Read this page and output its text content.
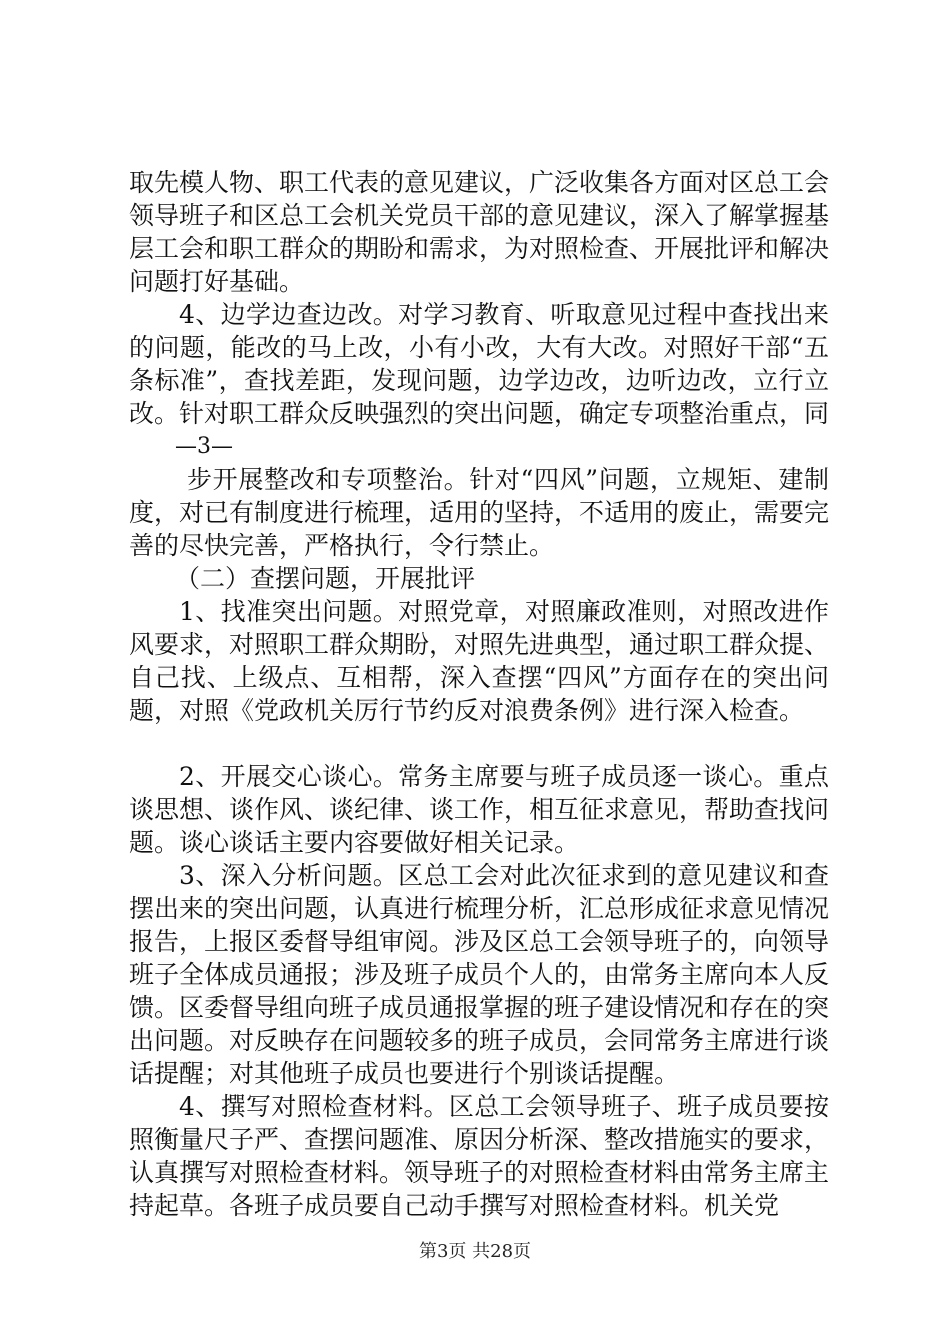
取先模人物、职工代表的意见建议，广泛收集各方面对区总工会领导班子和区总工会机关党员干部的意见建议，深入了解掌握基层工会和职工群众的期盼和需求，为对照检查、开展批评和解决问题打好基础。

4、边学边查边改。对学习教育、听取意见过程中查找出来的问题，能改的马上改，小有小改，大有大改。对照好干部“五条标准”，查找差距，发现问题，边学边改，边听边改，立行立改。针对职工群众反映强烈的突出问题，确定专项整治重点，同

—3—

步开展整改和专项整治。针对“四风”问题，立规矩、建制度，对已有制度进行梳理，适用的坚持，不适用的废止，需要完善的尽快完善，严格执行，令行禁止。

（二）查摆问题，开展批评

1、找准突出问题。对照党章，对照廉政准则，对照改进作风要求，对照职工群众期盼，对照先进典型，通过职工群众提、自己找、上级点、互相帮，深入查摆“四风”方面存在的突出问题，对照《党政机关厉行节约反对浪费条例》进行深入检查。

2、开展交心谈心。常务主席要与班子成员逐一谈心。重点谈思想、谈作风、谈纪律、谈工作，相互征求意见，帮助查找问题。谈心谈话主要内容要做好相关记录。

3、深入分析问题。区总工会对此次征求到的意见建议和查摆出来的突出问题，认真进行梳理分析，汇总形成征求意见情况报告，上报区委督导组审阅。涉及区总工会领导班子的，向领导班子全体成员通报；涉及班子成员个人的，由常务主席向本人反馈。区委督导组向班子成员通报掌握的班子建设情况和存在的突出问题。对反映存在问题较多的班子成员，会同常务主席进行谈话提醒；对其他班子成员也要进行个别谈话提醒。

4、撰写对照检查材料。区总工会领导班子、班子成员要按照衡量尺子严、查摆问题准、原因分析深、整改措施实的要求，认真撰写对照检查材料。领导班子的对照检查材料由常务主席主持起草。各班子成员要自己动手撰写对照检查材料。机关党

第3页 共28页
